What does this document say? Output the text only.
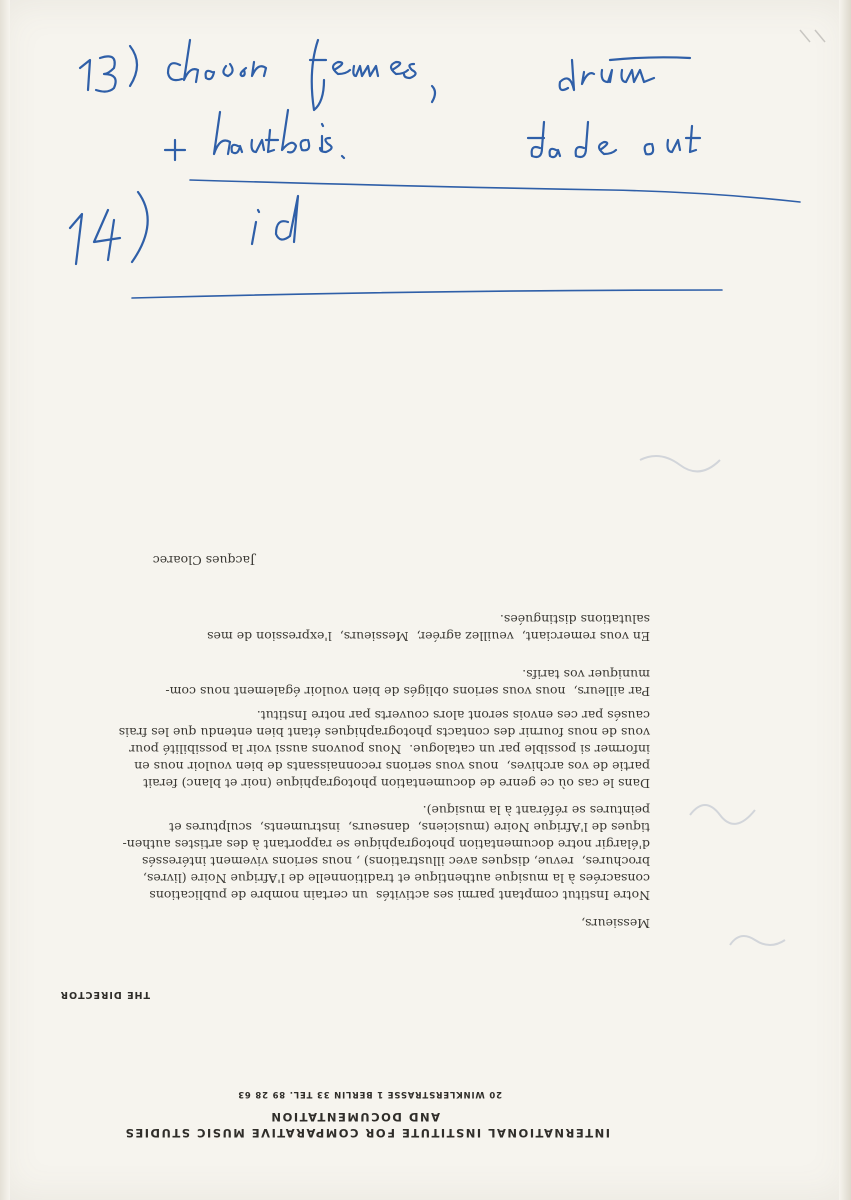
INTERNATIONAL INSTITUTE FOR COMPARATIVE MUSIC STUDIES
AND DOCUMENTATION
20 WINKLERSTRASSE 1 BERLIN 33 TEL. 89 28 63
THE DIRECTOR
Messieurs,
Notre Institut comptant parmi ses activités  un certain nombre de publications
consacrées à la musique authentique et traditionnelle de l'Afrique Noire (livres,
brochures,  revue, disques avec illustrations) , nous serions vivement intéressés
d'élargir notre documentation photographique se rapportant à des artistes authen-
tiques de l'Afrique Noire (musiciens,  danseurs,  instruments,  sculptures et
peintures se référant à la musique).
Dans le cas où ce genre de documentation photographique (noir et blanc) ferait
partie de vos archives,  nous vous serions reconnaissants de bien vouloir nous en
informer si possible par un catalogue.  Nous pouvons aussi voir la possibilité pour
vous de nous fournir des contacts photographiques étant bien entendu que les frais
causés par ces envois seront alors couverts par notre Institut.
Par ailleurs,  nous vous serions obligés de bien vouloir également nous com-
muniquer vos tarifs.
En vous remerciant,  veuillez agréer,  Messieurs,  l'expression de mes
salutations distinguées.
Jacques Cloarec
